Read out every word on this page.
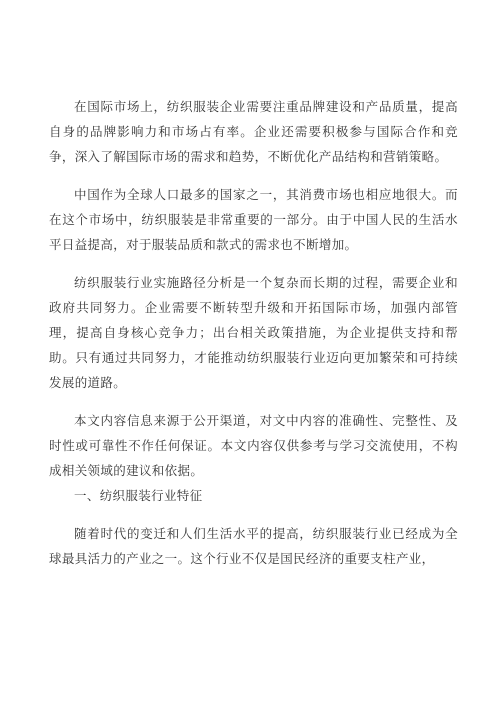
在国际市场上，纺织服装企业需要注重品牌建设和产品质量，提高自身的品牌影响力和市场占有率。企业还需要积极参与国际合作和竞争，深入了解国际市场的需求和趋势，不断优化产品结构和营销策略。

中国作为全球人口最多的国家之一，其消费市场也相应地很大。而在这个市场中，纺织服装是非常重要的一部分。由于中国人民的生活水平日益提高，对于服装品质和款式的需求也不断增加。

纺织服装行业实施路径分析是一个复杂而长期的过程，需要企业和政府共同努力。企业需要不断转型升级和开拓国际市场，加强内部管理，提高自身核心竞争力；出台相关政策措施，为企业提供支持和帮助。只有通过共同努力，才能推动纺织服装行业迈向更加繁荣和可持续发展的道路。

本文内容信息来源于公开渠道，对文中内容的准确性、完整性、及时性或可靠性不作任何保证。本文内容仅供参考与学习交流使用，不构成相关领域的建议和依据。

一、纺织服装行业特征

随着时代的变迁和人们生活水平的提高，纺织服装行业已经成为全球最具活力的产业之一。这个行业不仅是国民经济的重要支柱产业，
